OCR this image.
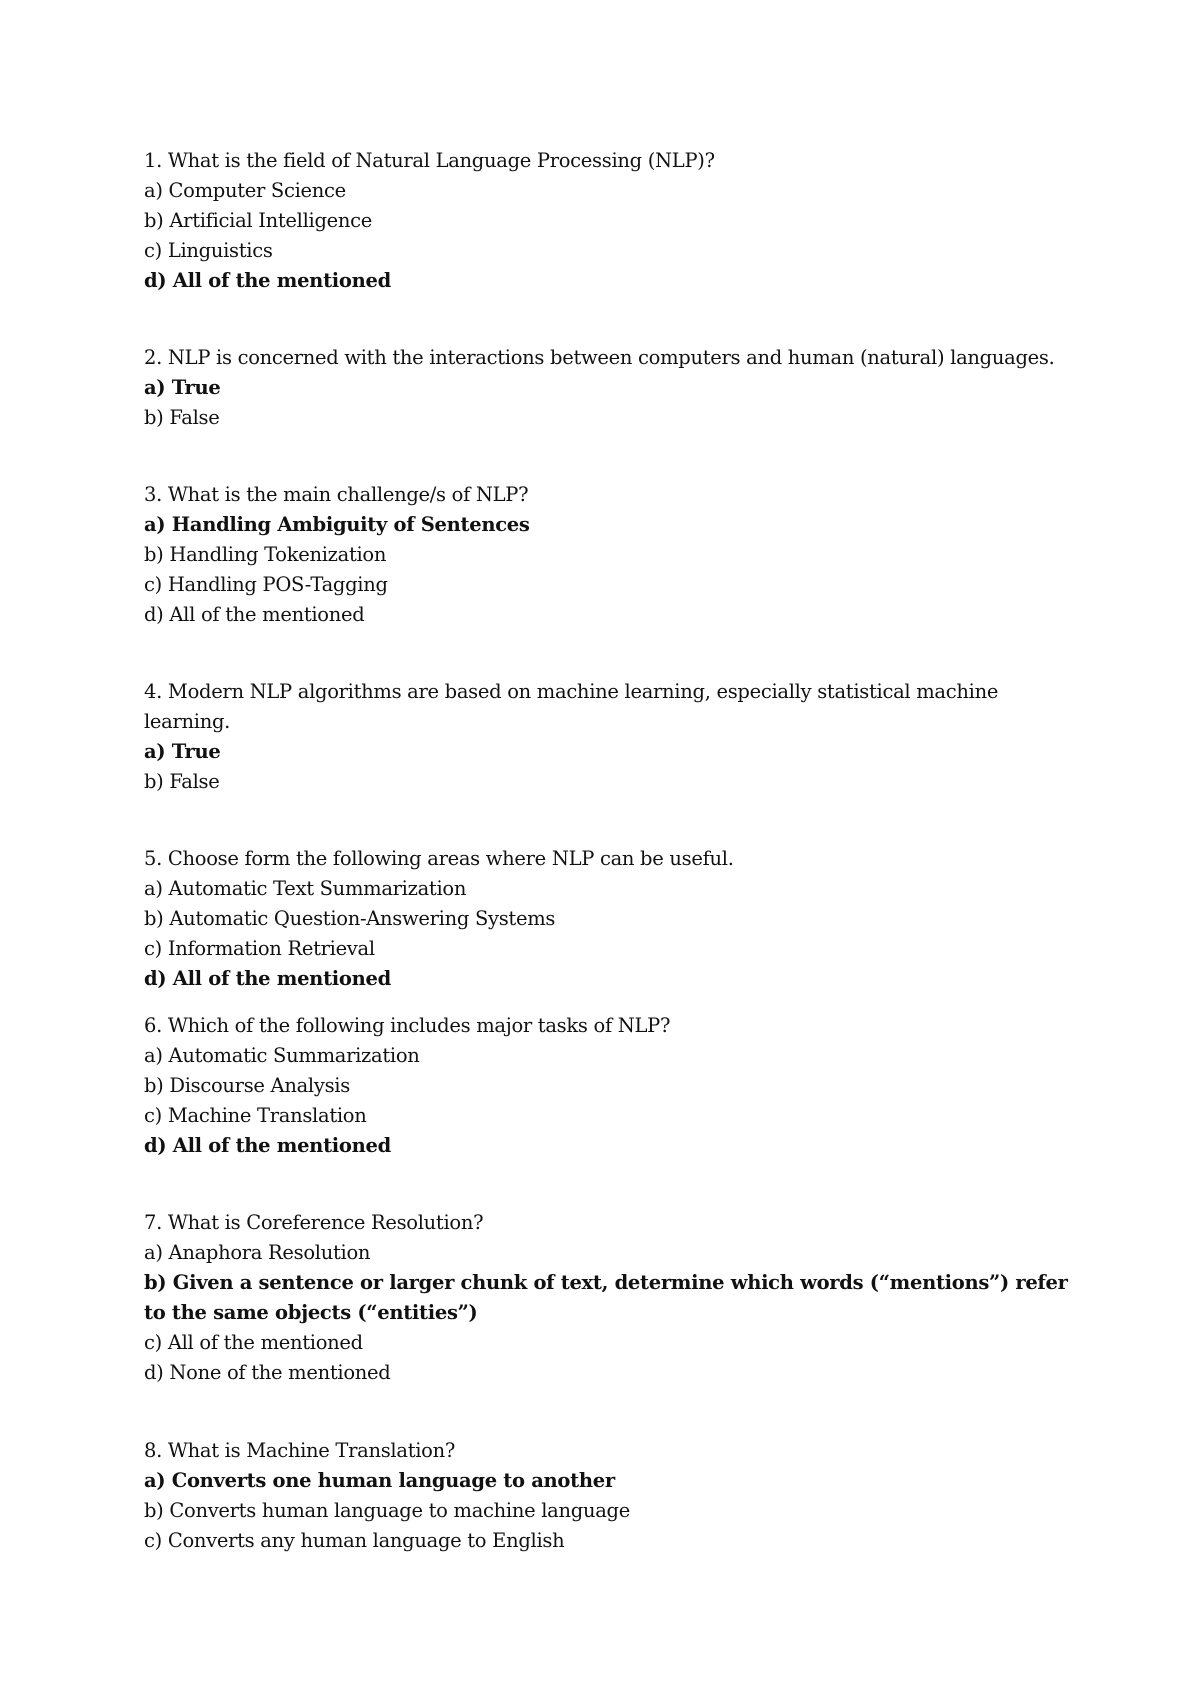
1. What is the field of Natural Language Processing (NLP)?
a) Computer Science
b) Artificial Intelligence
c) Linguistics
d) All of the mentioned
2. NLP is concerned with the interactions between computers and human (natural) languages.
a) True
b) False
3. What is the main challenge/s of NLP?
a) Handling Ambiguity of Sentences
b) Handling Tokenization
c) Handling POS-Tagging
d) All of the mentioned
4. Modern NLP algorithms are based on machine learning, especially statistical machine
learning.
a) True
b) False
5. Choose form the following areas where NLP can be useful.
a) Automatic Text Summarization
b) Automatic Question-Answering Systems
c) Information Retrieval
d) All of the mentioned
6. Which of the following includes major tasks of NLP?
a) Automatic Summarization
b) Discourse Analysis
c) Machine Translation
d) All of the mentioned
7. What is Coreference Resolution?
a) Anaphora Resolution
b) Given a sentence or larger chunk of text, determine which words (“mentions”) refer
to the same objects (“entities”)
c) All of the mentioned
d) None of the mentioned
8. What is Machine Translation?
a) Converts one human language to another
b) Converts human language to machine language
c) Converts any human language to English
